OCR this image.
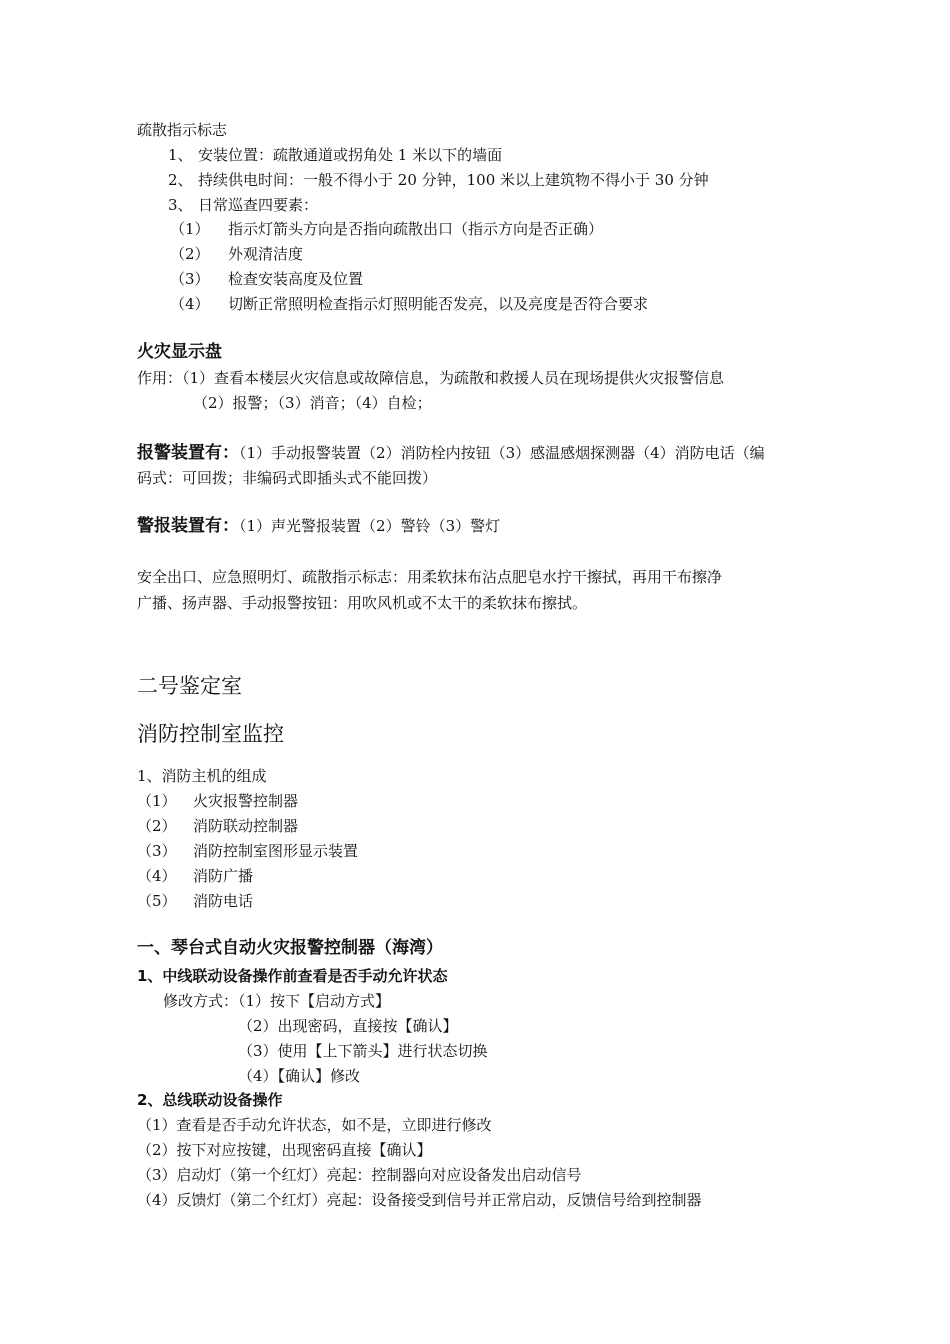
疏散指示标志
1、 安装位置：疏散通道或拐角处 1 米以下的墙面
2、 持续供电时间：一般不得小于 20 分钟，100 米以上建筑物不得小于 30 分钟
3、 日常巡查四要素：
（1） 指示灯箭头方向是否指向疏散出口（指示方向是否正确）
（2） 外观清洁度
（3） 检查安装高度及位置
（4） 切断正常照明检查指示灯照明能否发亮，以及亮度是否符合要求
火灾显示盘
作用：（1）查看本楼层火灾信息或故障信息，为疏散和救援人员在现场提供火灾报警信息
（2）报警；（3）消音；（4）自检；
报警装置有：（1）手动报警装置（2）消防栓内按钮（3）感温感烟探测器（4）消防电话（编
码式：可回拨；非编码式即插头式不能回拨）
警报装置有：（1）声光警报装置（2）警铃（3）警灯
安全出口、应急照明灯、疏散指示标志：用柔软抹布沾点肥皂水拧干擦拭，再用干布擦净
广播、扬声器、手动报警按钮：用吹风机或不太干的柔软抹布擦拭。
二号鉴定室
消防控制室监控
1、消防主机的组成
（1） 火灾报警控制器
（2） 消防联动控制器
（3） 消防控制室图形显示装置
（4） 消防广播
（5） 消防电话
一、琴台式自动火灾报警控制器（海湾）
1、中线联动设备操作前查看是否手动允许状态
修改方式：（1）按下【启动方式】
（2）出现密码，直接按【确认】
（3）使用【上下箭头】进行状态切换
（4）【确认】修改
2、总线联动设备操作
（1）查看是否手动允许状态，如不是，立即进行修改
（2）按下对应按键，出现密码直接【确认】
（3）启动灯（第一个红灯）亮起：控制器向对应设备发出启动信号
（4）反馈灯（第二个红灯）亮起：设备接受到信号并正常启动，反馈信号给到控制器
